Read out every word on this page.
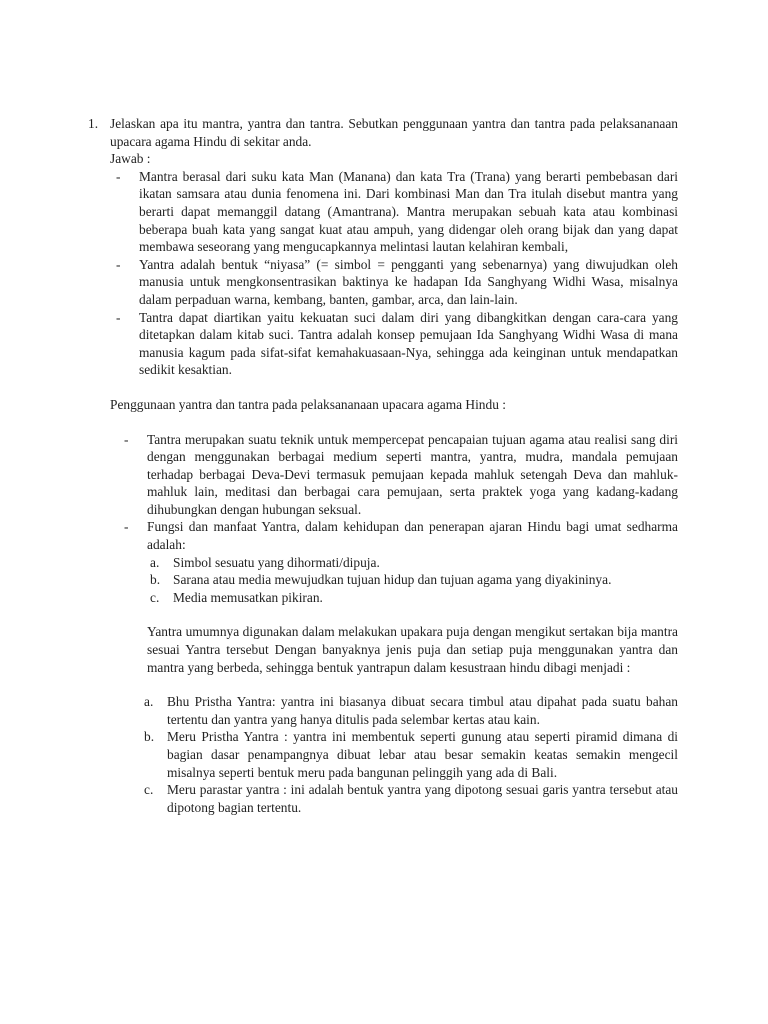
1. Jelaskan apa itu mantra, yantra dan tantra. Sebutkan penggunaan yantra dan tantra pada pelaksananaan upacara agama Hindu di sekitar anda.
Jawab :
- Mantra berasal dari suku kata Man (Manana) dan kata Tra (Trana) yang berarti pembebasan dari ikatan samsara atau dunia fenomena ini. Dari kombinasi Man dan Tra itulah disebut mantra yang berarti dapat memanggil datang (Amantrana). Mantra merupakan sebuah kata atau kombinasi beberapa buah kata yang sangat kuat atau ampuh, yang didengar oleh orang bijak dan yang dapat membawa seseorang yang mengucapkannya melintasi lautan kelahiran kembali,
- Yantra adalah bentuk “niyasa” (= simbol = pengganti yang sebenarnya) yang diwujudkan oleh manusia untuk mengkonsentrasikan baktinya ke hadapan Ida Sanghyang Widhi Wasa, misalnya dalam perpaduan warna, kembang, banten, gambar, arca, dan lain-lain.
- Tantra dapat diartikan yaitu kekuatan suci dalam diri yang dibangkitkan dengan cara-cara yang ditetapkan dalam kitab suci. Tantra adalah konsep pemujaan Ida Sanghyang Widhi Wasa di mana manusia kagum pada sifat-sifat kemahakuasaan-Nya, sehingga ada keinginan untuk mendapatkan sedikit kesaktian.
Penggunaan yantra dan tantra pada pelaksananaan upacara agama Hindu :
- Tantra merupakan suatu teknik untuk mempercepat pencapaian tujuan agama atau realisi sang diri dengan menggunakan berbagai medium seperti mantra, yantra, mudra, mandala pemujaan terhadap berbagai Deva-Devi termasuk pemujaan kepada mahluk setengah Deva dan mahluk- mahluk lain, meditasi dan berbagai cara pemujaan, serta praktek yoga yang kadang-kadang dihubungkan dengan hubungan seksual.
- Fungsi dan manfaat Yantra, dalam kehidupan dan penerapan ajaran Hindu bagi umat sedharma adalah:
a. Simbol sesuatu yang dihormati/dipuja.
b. Sarana atau media mewujudkan tujuan hidup dan tujuan agama yang diyakininya.
c. Media memusatkan pikiran.
Yantra umumnya digunakan dalam melakukan upakara puja dengan mengikut sertakan bija mantra sesuai Yantra tersebut Dengan banyaknya jenis puja dan setiap puja menggunakan yantra dan mantra yang berbeda, sehingga bentuk yantrapun dalam kesustraan hindu dibagi menjadi :
a. Bhu Pristha Yantra: yantra ini biasanya dibuat secara timbul atau dipahat pada suatu bahan tertentu dan yantra yang hanya ditulis pada selembar kertas atau kain.
b. Meru Pristha Yantra : yantra ini membentuk seperti gunung atau seperti piramid dimana di bagian dasar penampangnya dibuat lebar atau besar semakin keatas semakin mengecil misalnya seperti bentuk meru pada bangunan pelinggih yang ada di Bali.
c. Meru parastar yantra : ini adalah bentuk yantra yang dipotong sesuai garis yantra tersebut atau dipotong bagian tertentu.
